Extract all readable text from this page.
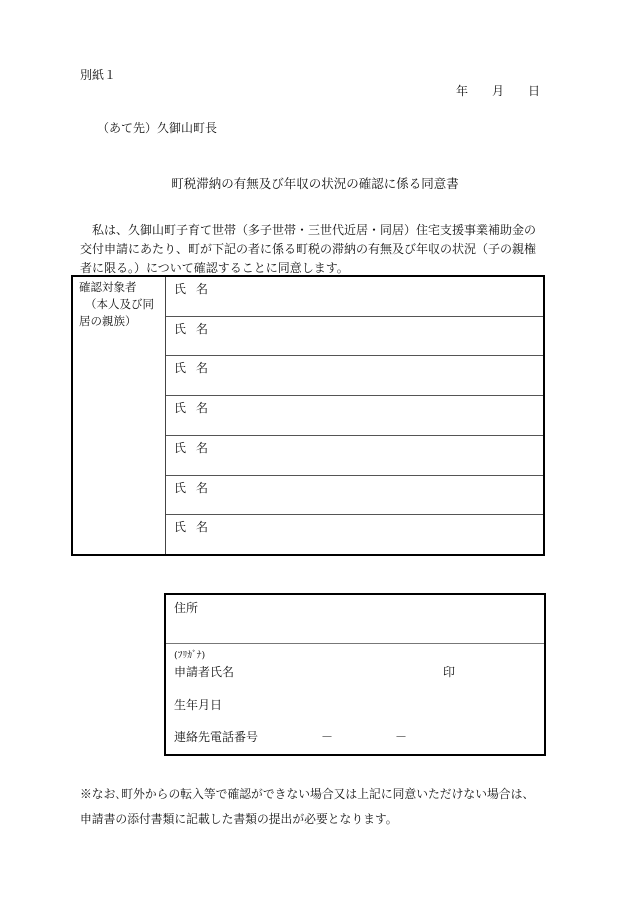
別紙１
年 月 日
（あて先）久御山町長
町税滞納の有無及び年収の状況の確認に係る同意書

私は、久御山町子育て世帯（多子世帯・三世代近居・同居）住宅支援事業補助金の

交付申請にあたり、町が下記の者に係る町税の滞納の有無及び年収の状況（子の親権

者に限る。）について確認することに同意します。

確認対象者
（本人及び同
居の親族）
氏名
氏名
氏名
氏名
氏名
氏名
氏名
住所
(ﾌﾘｶﾞﾅ)
申請者氏名	印
生年月日
連絡先電話番号	－	－

※なお､町外からの転入等で確認ができない場合又は上記に同意いただけない場合は、

申請書の添付書類に記載した書類の提出が必要となります。
